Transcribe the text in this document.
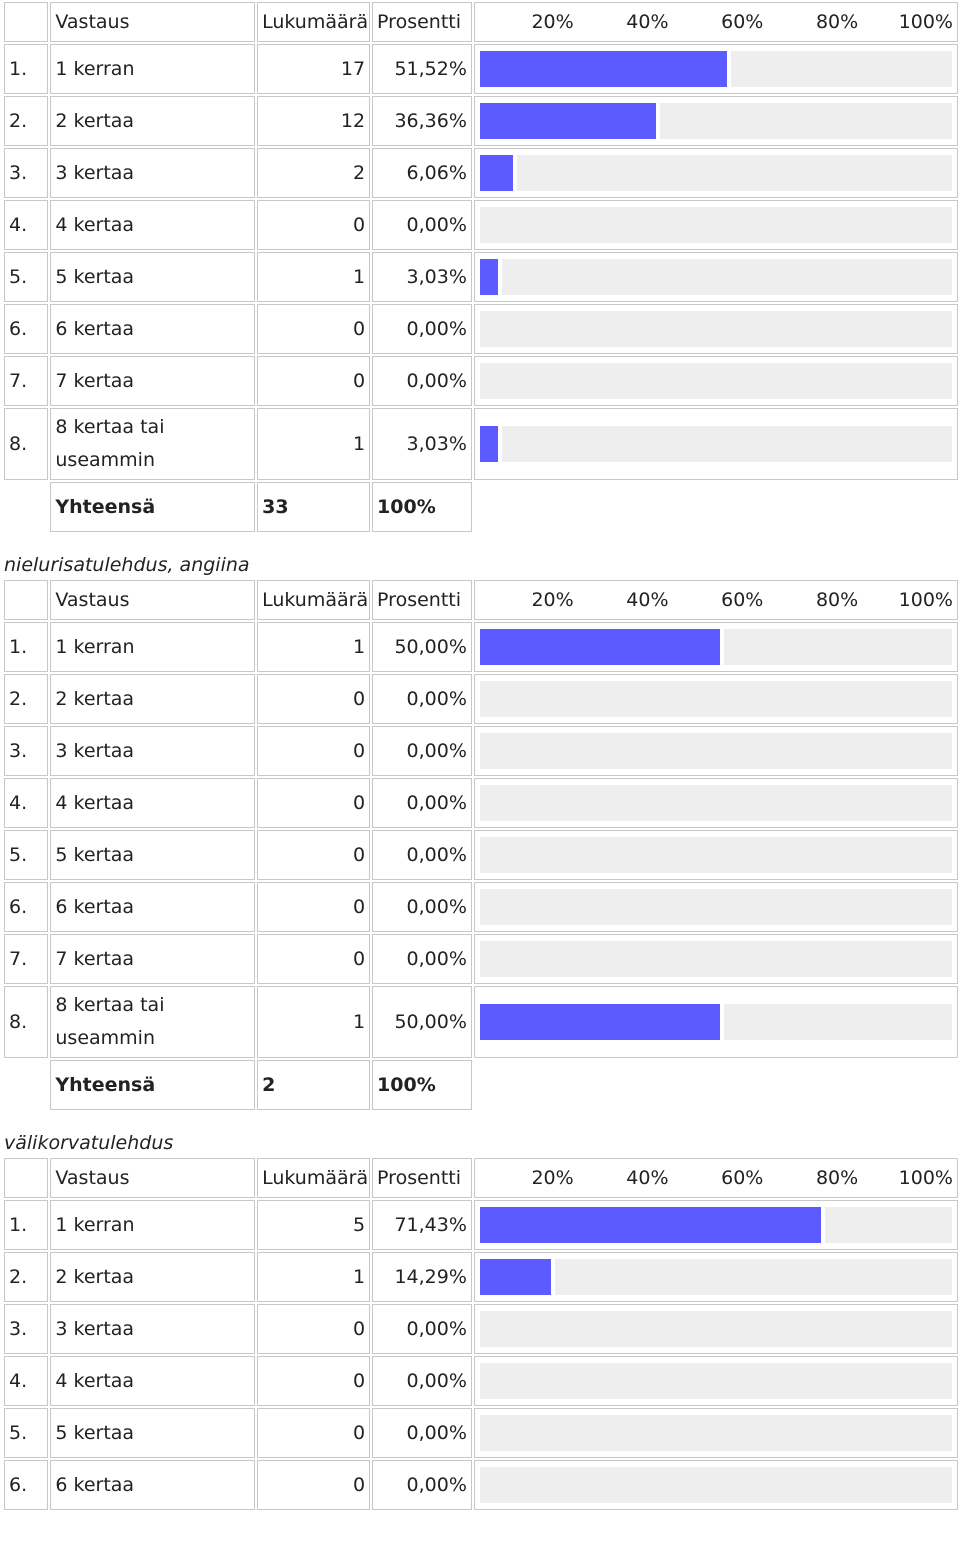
	Vastaus	Lukumäärä	Prosentti	20% 40% 60% 80% 100%

1.	1 kerran	17	51,52%	

2.	2 kertaa	12	36,36%	

3.	3 kertaa	2	6,06%	

4.	4 kertaa	0	0,00%	

5.	5 kertaa	1	3,03%	

6.	6 kertaa	0	0,00%	

7.	7 kertaa	0	0,00%	

8.	8 kertaa tai useammin	1	3,03%	

	Yhteensä	33	100%	
nielurisatulehdus, angiina
	Vastaus	Lukumäärä	Prosentti	20% 40% 60% 80% 100%

1.	1 kerran	1	50,00%	

2.	2 kertaa	0	0,00%	

3.	3 kertaa	0	0,00%	

4.	4 kertaa	0	0,00%	

5.	5 kertaa	0	0,00%	

6.	6 kertaa	0	0,00%	

7.	7 kertaa	0	0,00%	

8.	8 kertaa tai useammin	1	50,00%	

	Yhteensä	2	100%	
välikorvatulehdus
	Vastaus	Lukumäärä	Prosentti	20% 40% 60% 80% 100%

1.	1 kerran	5	71,43%	

2.	2 kertaa	1	14,29%	

3.	3 kertaa	0	0,00%	

4.	4 kertaa	0	0,00%	

5.	5 kertaa	0	0,00%	

6.	6 kertaa	0	0,00%	
